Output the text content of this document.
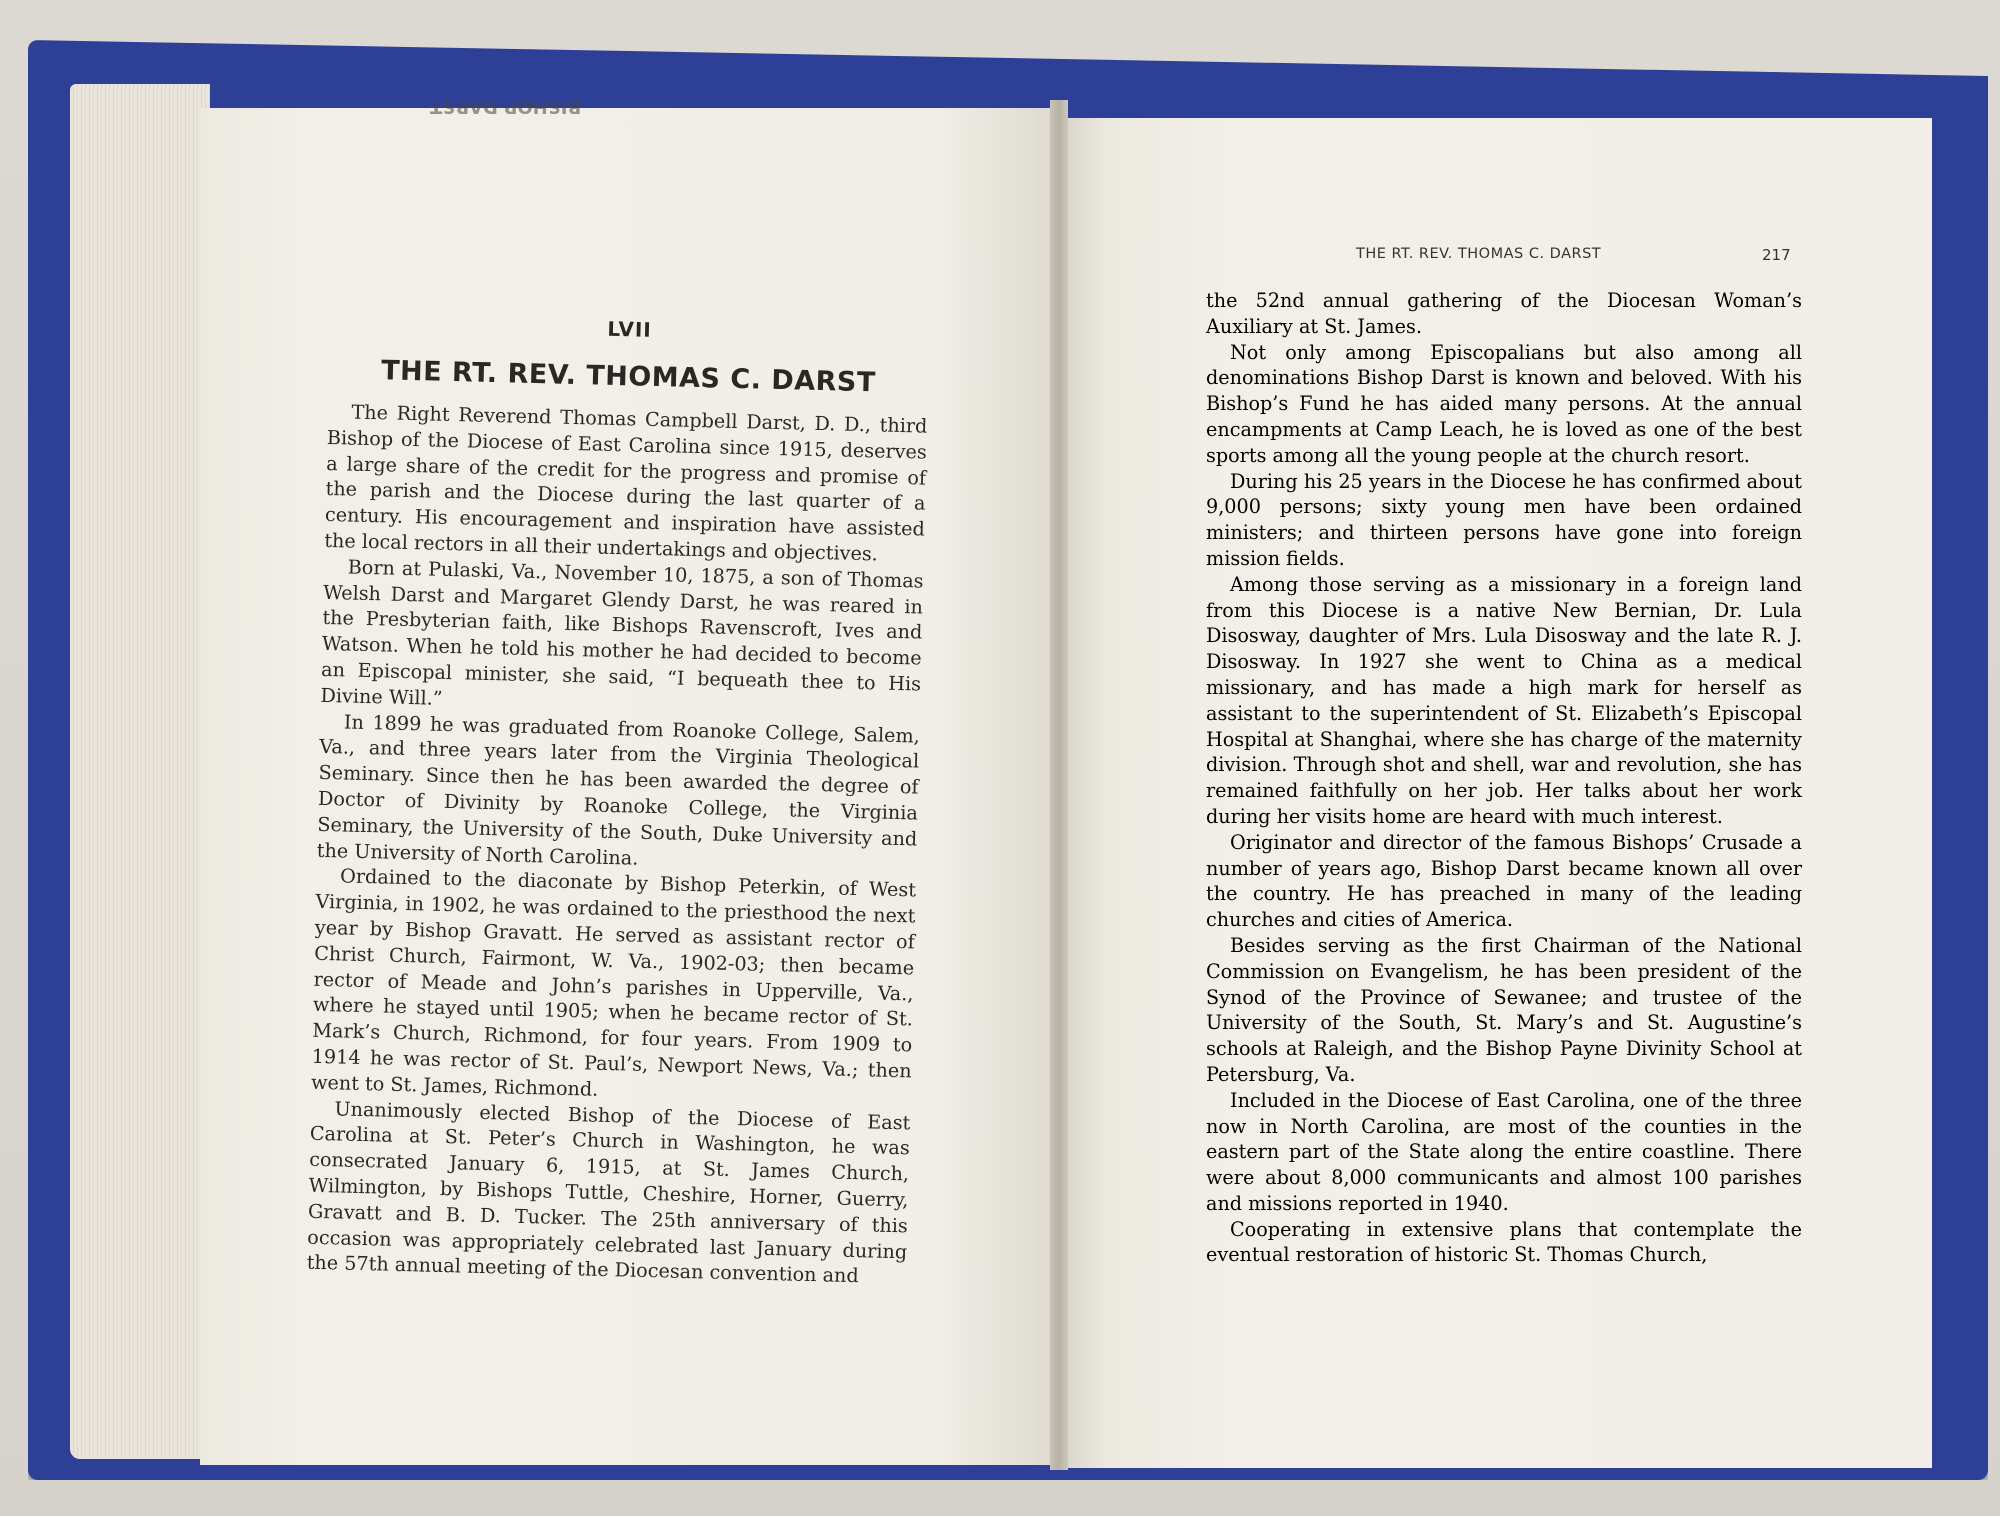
BISHOP DARST
LVII
THE RT. REV. THOMAS C. DARST

The Right Reverend Thomas Campbell Darst, D. D., third Bishop of the Diocese of East Carolina since 1915, deserves a large share of the credit for the progress and promise of the parish and the Diocese during the last quarter of a century. His encouragement and inspiration have assisted the local rectors in all their undertakings and objectives.

Born at Pulaski, Va., November 10, 1875, a son of Thomas Welsh Darst and Margaret Glendy Darst, he was reared in the Presbyterian faith, like Bishops Ravenscroft, Ives and Watson. When he told his mother he had decided to become an Episcopal minister, she said, “I bequeath thee to His Divine Will.”

In 1899 he was graduated from Roanoke College, Salem, Va., and three years later from the Virginia Theological Seminary. Since then he has been awarded the degree of Doctor of Divinity by Roanoke College, the Virginia Seminary, the University of the South, Duke University and the University of North Carolina.

Ordained to the diaconate by Bishop Peterkin, of West Virginia, in 1902, he was ordained to the priesthood the next year by Bishop Gravatt. He served as assistant rector of Christ Church, Fairmont, W. Va., 1902-03; then became rector of Meade and John’s parishes in Upperville, Va., where he stayed until 1905; when he became rector of St. Mark’s Church, Richmond, for four years. From 1909 to 1914 he was rector of St. Paul’s, Newport News, Va.; then went to St. James, Richmond.

Unanimously elected Bishop of the Diocese of East Carolina at St. Peter’s Church in Washington, he was consecrated January 6, 1915, at St. James Church, Wilmington, by Bishops Tuttle, Cheshire, Horner, Guerry, Gravatt and B. D. Tucker. The 25th anniversary of this occasion was appropriately celebrated last January during the 57th annual meeting of the Diocesan convention and

THE RT. REV. THOMAS C. DARST	217

the 52nd annual gathering of the Diocesan Woman’s Auxiliary at St. James.

Not only among Episcopalians but also among all denominations Bishop Darst is known and beloved. With his Bishop’s Fund he has aided many persons. At the annual encampments at Camp Leach, he is loved as one of the best sports among all the young people at the church resort.

During his 25 years in the Diocese he has confirmed about 9,000 persons; sixty young men have been ordained ministers; and thirteen persons have gone into foreign mission fields.

Among those serving as a missionary in a foreign land from this Diocese is a native New Bernian, Dr. Lula Disosway, daughter of Mrs. Lula Disosway and the late R. J. Disosway. In 1927 she went to China as a medical missionary, and has made a high mark for herself as assistant to the superintendent of St. Elizabeth’s Episcopal Hospital at Shanghai, where she has charge of the maternity division. Through shot and shell, war and revolution, she has remained faithfully on her job. Her talks about her work during her visits home are heard with much interest.

Originator and director of the famous Bishops’ Crusade a number of years ago, Bishop Darst became known all over the country. He has preached in many of the leading churches and cities of America.

Besides serving as the first Chairman of the National Commission on Evangelism, he has been president of the Synod of the Province of Sewanee; and trustee of the University of the South, St. Mary’s and St. Augustine’s schools at Raleigh, and the Bishop Payne Divinity School at Petersburg, Va.

Included in the Diocese of East Carolina, one of the three now in North Carolina, are most of the counties in the eastern part of the State along the entire coastline. There were about 8,000 communicants and almost 100 parishes and missions reported in 1940.

Cooperating in extensive plans that contemplate the eventual restoration of historic St. Thomas Church,
